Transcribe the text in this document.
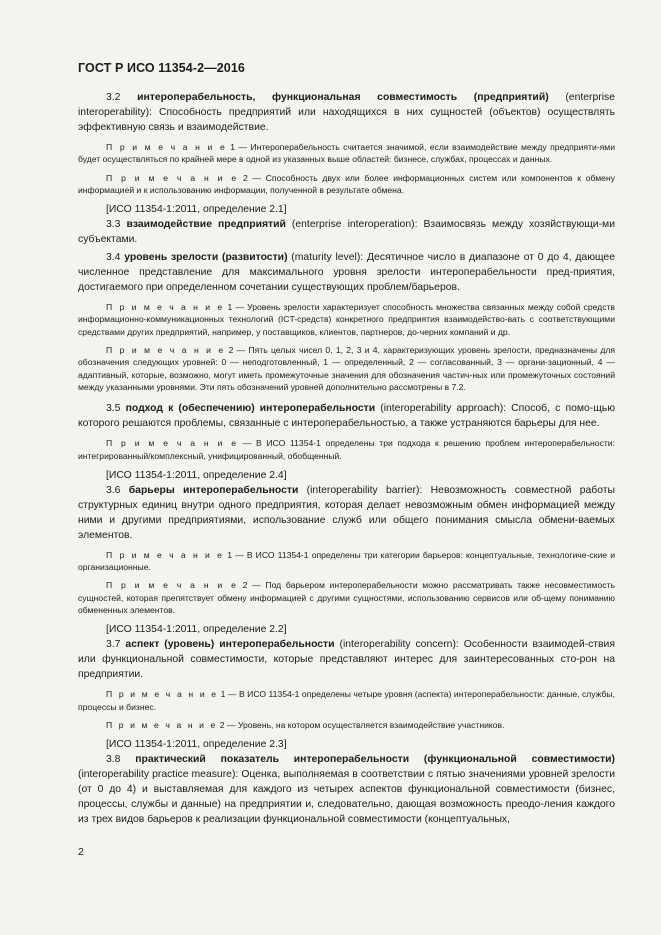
ГОСТ Р ИСО 11354-2—2016

3.2 интероперабельность, функциональная совместимость (предприятий) (enterprise interoperability): Способность предприятий или находящихся в них сущностей (объектов) осуществлять эффективную связь и взаимодействие.

П р и м е ч а н и е 1 — Интероперабельность считается значимой, если взаимодействие между предприяти-ями будет осуществляться по крайней мере в одной из указанных выше областей: бизнесе, службах, процессах и данных.

П р и м е ч а н и е 2 — Способность двух или более информационных систем или компонентов к обмену информацией и к использованию информации, полученной в результате обмена.

[ИСО 11354-1:2011, определение 2.1]

3.3 взаимодействие предприятий (enterprise interoperation): Взаимосвязь между хозяйствующи-ми субъектами.

3.4 уровень зрелости (развитости) (maturity level): Десятичное число в диапазоне от 0 до 4, дающее численное представление для максимального уровня зрелости интероперабельности пред-приятия, достигаемого при определенном сочетании существующих проблем/барьеров.

П р и м е ч а н и е 1 — Уровень зрелости характеризует способность множества связанных между собой средств информационно-коммуникационных технологий (ICT-средств) конкретного предприятия взаимодейство-вать с соответствующими средствами других предприятий, например, у поставщиков, клиентов, партнеров, до-черних компаний и др.

П р и м е ч а н и е 2 — Пять целых чисел 0, 1, 2, 3 и 4, характеризующих уровень зрелости, предназначены для обозначения следующих уровней: 0 — неподготовленный, 1 — определенный, 2 — согласованный, 3 — органи-зационный, 4 — адаптивный, которые, возможно, могут иметь промежуточные значения для обозначения частич-ных или промежуточных состояний между указанными уровнями. Эти пять обозначений уровней дополнительно рассмотрены в 7.2.

3.5 подход к (обеспечению) интероперабельности (interoperability approach): Способ, с помо-щью которого решаются проблемы, связанные с интероперабельностью, а также устраняются барьеры для нее.

П р и м е ч а н и е — В ИСО 11354-1 определены три подхода к решению проблем интероперабельности: интегрированный/комплексный, унифицированный, обобщенный.

[ИСО 11354-1:2011, определение 2.4]

3.6 барьеры интероперабельности (interoperability barrier): Невозможность совместной работы структурных единиц внутри одного предприятия, которая делает невозможным обмен информацией между ними и другими предприятиями, использование служб или общего понимания смысла обмени-ваемых элементов.

П р и м е ч а н и е 1 — В ИСО 11354-1 определены три категории барьеров: концептуальные, технологиче-ские и организационные.

П р и м е ч а н и е 2 — Под барьером интероперабельности можно рассматривать также несовместимость сущностей, которая препятствует обмену информацией с другими сущностями, использованию сервисов или об-щему пониманию обмененных элементов.

[ИСО 11354-1:2011, определение 2.2]

3.7 аспект (уровень) интероперабельности (interoperability concern): Особенности взаимодей-ствия или функциональной совместимости, которые представляют интерес для заинтересованных сто-рон на предприятии.

П р и м е ч а н и е 1 — В ИСО 11354-1 определены четыре уровня (аспекта) интероперабельности: данные, службы, процессы и бизнес.

П р и м е ч а н и е 2 — Уровень, на котором осуществляется взаимодействие участников.

[ИСО 11354-1:2011, определение 2.3]

3.8 практический показатель интероперабельности (функциональной совместимости) (interoperability practice measure): Оценка, выполняемая в соответствии с пятью значениями уровней зрелости (от 0 до 4) и выставляемая для каждого из четырех аспектов функциональной совместимости (бизнес, процессы, службы и данные) на предприятии и, следовательно, дающая возможность преодо-ления каждого из трех видов барьеров к реализации функциональной совместимости (концептуальных,

2
